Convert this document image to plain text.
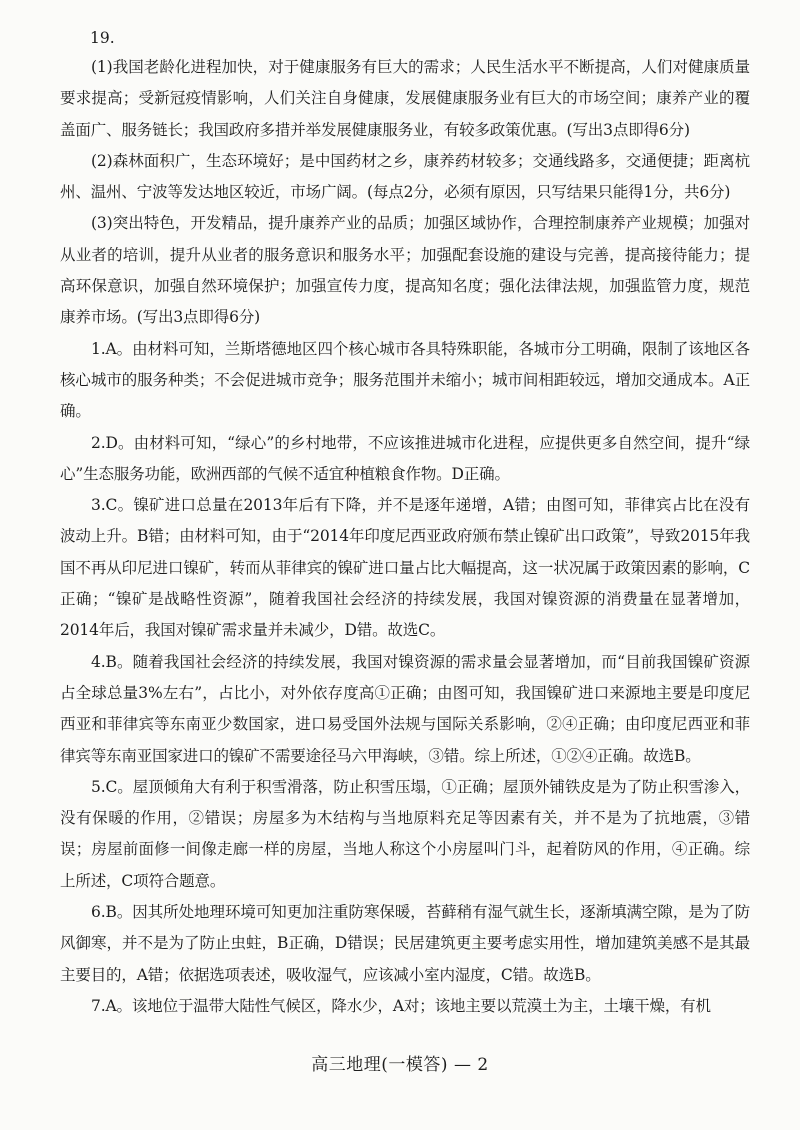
19.

(1)我国老龄化进程加快，对于健康服务有巨大的需求；人民生活水平不断提高，人们对健康质量要求提高；受新冠疫情影响，人们关注自身健康，发展健康服务业有巨大的市场空间；康养产业的覆盖面广、服务链长；我国政府多措并举发展健康服务业，有较多政策优惠。(写出3点即得6分)

(2)森林面积广，生态环境好；是中国药材之乡，康养药材较多；交通线路多，交通便捷；距离杭州、温州、宁波等发达地区较近，市场广阔。(每点2分，必须有原因，只写结果只能得1分，共6分)

(3)突出特色，开发精品，提升康养产业的品质；加强区域协作，合理控制康养产业规模；加强对从业者的培训，提升从业者的服务意识和服务水平；加强配套设施的建设与完善，提高接待能力；提高环保意识，加强自然环境保护；加强宣传力度，提高知名度；强化法律法规，加强监管力度，规范康养市场。(写出3点即得6分)

1.A。由材料可知，兰斯塔德地区四个核心城市各具特殊职能，各城市分工明确，限制了该地区各核心城市的服务种类；不会促进城市竞争；服务范围并未缩小；城市间相距较远，增加交通成本。A正确。

2.D。由材料可知，“绿心”的乡村地带，不应该推进城市化进程，应提供更多自然空间，提升“绿心”生态服务功能，欧洲西部的气候不适宜种植粮食作物。D正确。

3.C。镍矿进口总量在2013年后有下降，并不是逐年递增，A错；由图可知，菲律宾占比在没有波动上升。B错；由材料可知，由于“2014年印度尼西亚政府颁布禁止镍矿出口政策”，导致2015年我国不再从印尼进口镍矿，转而从菲律宾的镍矿进口量占比大幅提高，这一状况属于政策因素的影响，C正确；“镍矿是战略性资源”，随着我国社会经济的持续发展，我国对镍资源的消费量在显著增加，2014年后，我国对镍矿需求量并未减少，D错。故选C。

4.B。随着我国社会经济的持续发展，我国对镍资源的需求量会显著增加，而“目前我国镍矿资源占全球总量3%左右”，占比小，对外依存度高①正确；由图可知，我国镍矿进口来源地主要是印度尼西亚和菲律宾等东南亚少数国家，进口易受国外法规与国际关系影响，②④正确；由印度尼西亚和菲律宾等东南亚国家进口的镍矿不需要途径马六甲海峡，③错。综上所述，①②④正确。故选B。

5.C。屋顶倾角大有利于积雪滑落，防止积雪压塌，①正确；屋顶外铺铁皮是为了防止积雪渗入，没有保暖的作用，②错误；房屋多为木结构与当地原料充足等因素有关，并不是为了抗地震，③错误；房屋前面修一间像走廊一样的房屋，当地人称这个小房屋叫门斗，起着防风的作用，④正确。综上所述，C项符合题意。

6.B。因其所处地理环境可知更加注重防寒保暖，苔藓稍有湿气就生长，逐渐填满空隙，是为了防风御寒，并不是为了防止虫蛀，B正确，D错误；民居建筑更主要考虑实用性，增加建筑美感不是其最主要目的，A错；依据选项表述，吸收湿气，应该减小室内湿度，C错。故选B。

7.A。该地位于温带大陆性气候区，降水少，A对；该地主要以荒漠土为主，土壤干燥，有机

高三地理(一模答) — 2
